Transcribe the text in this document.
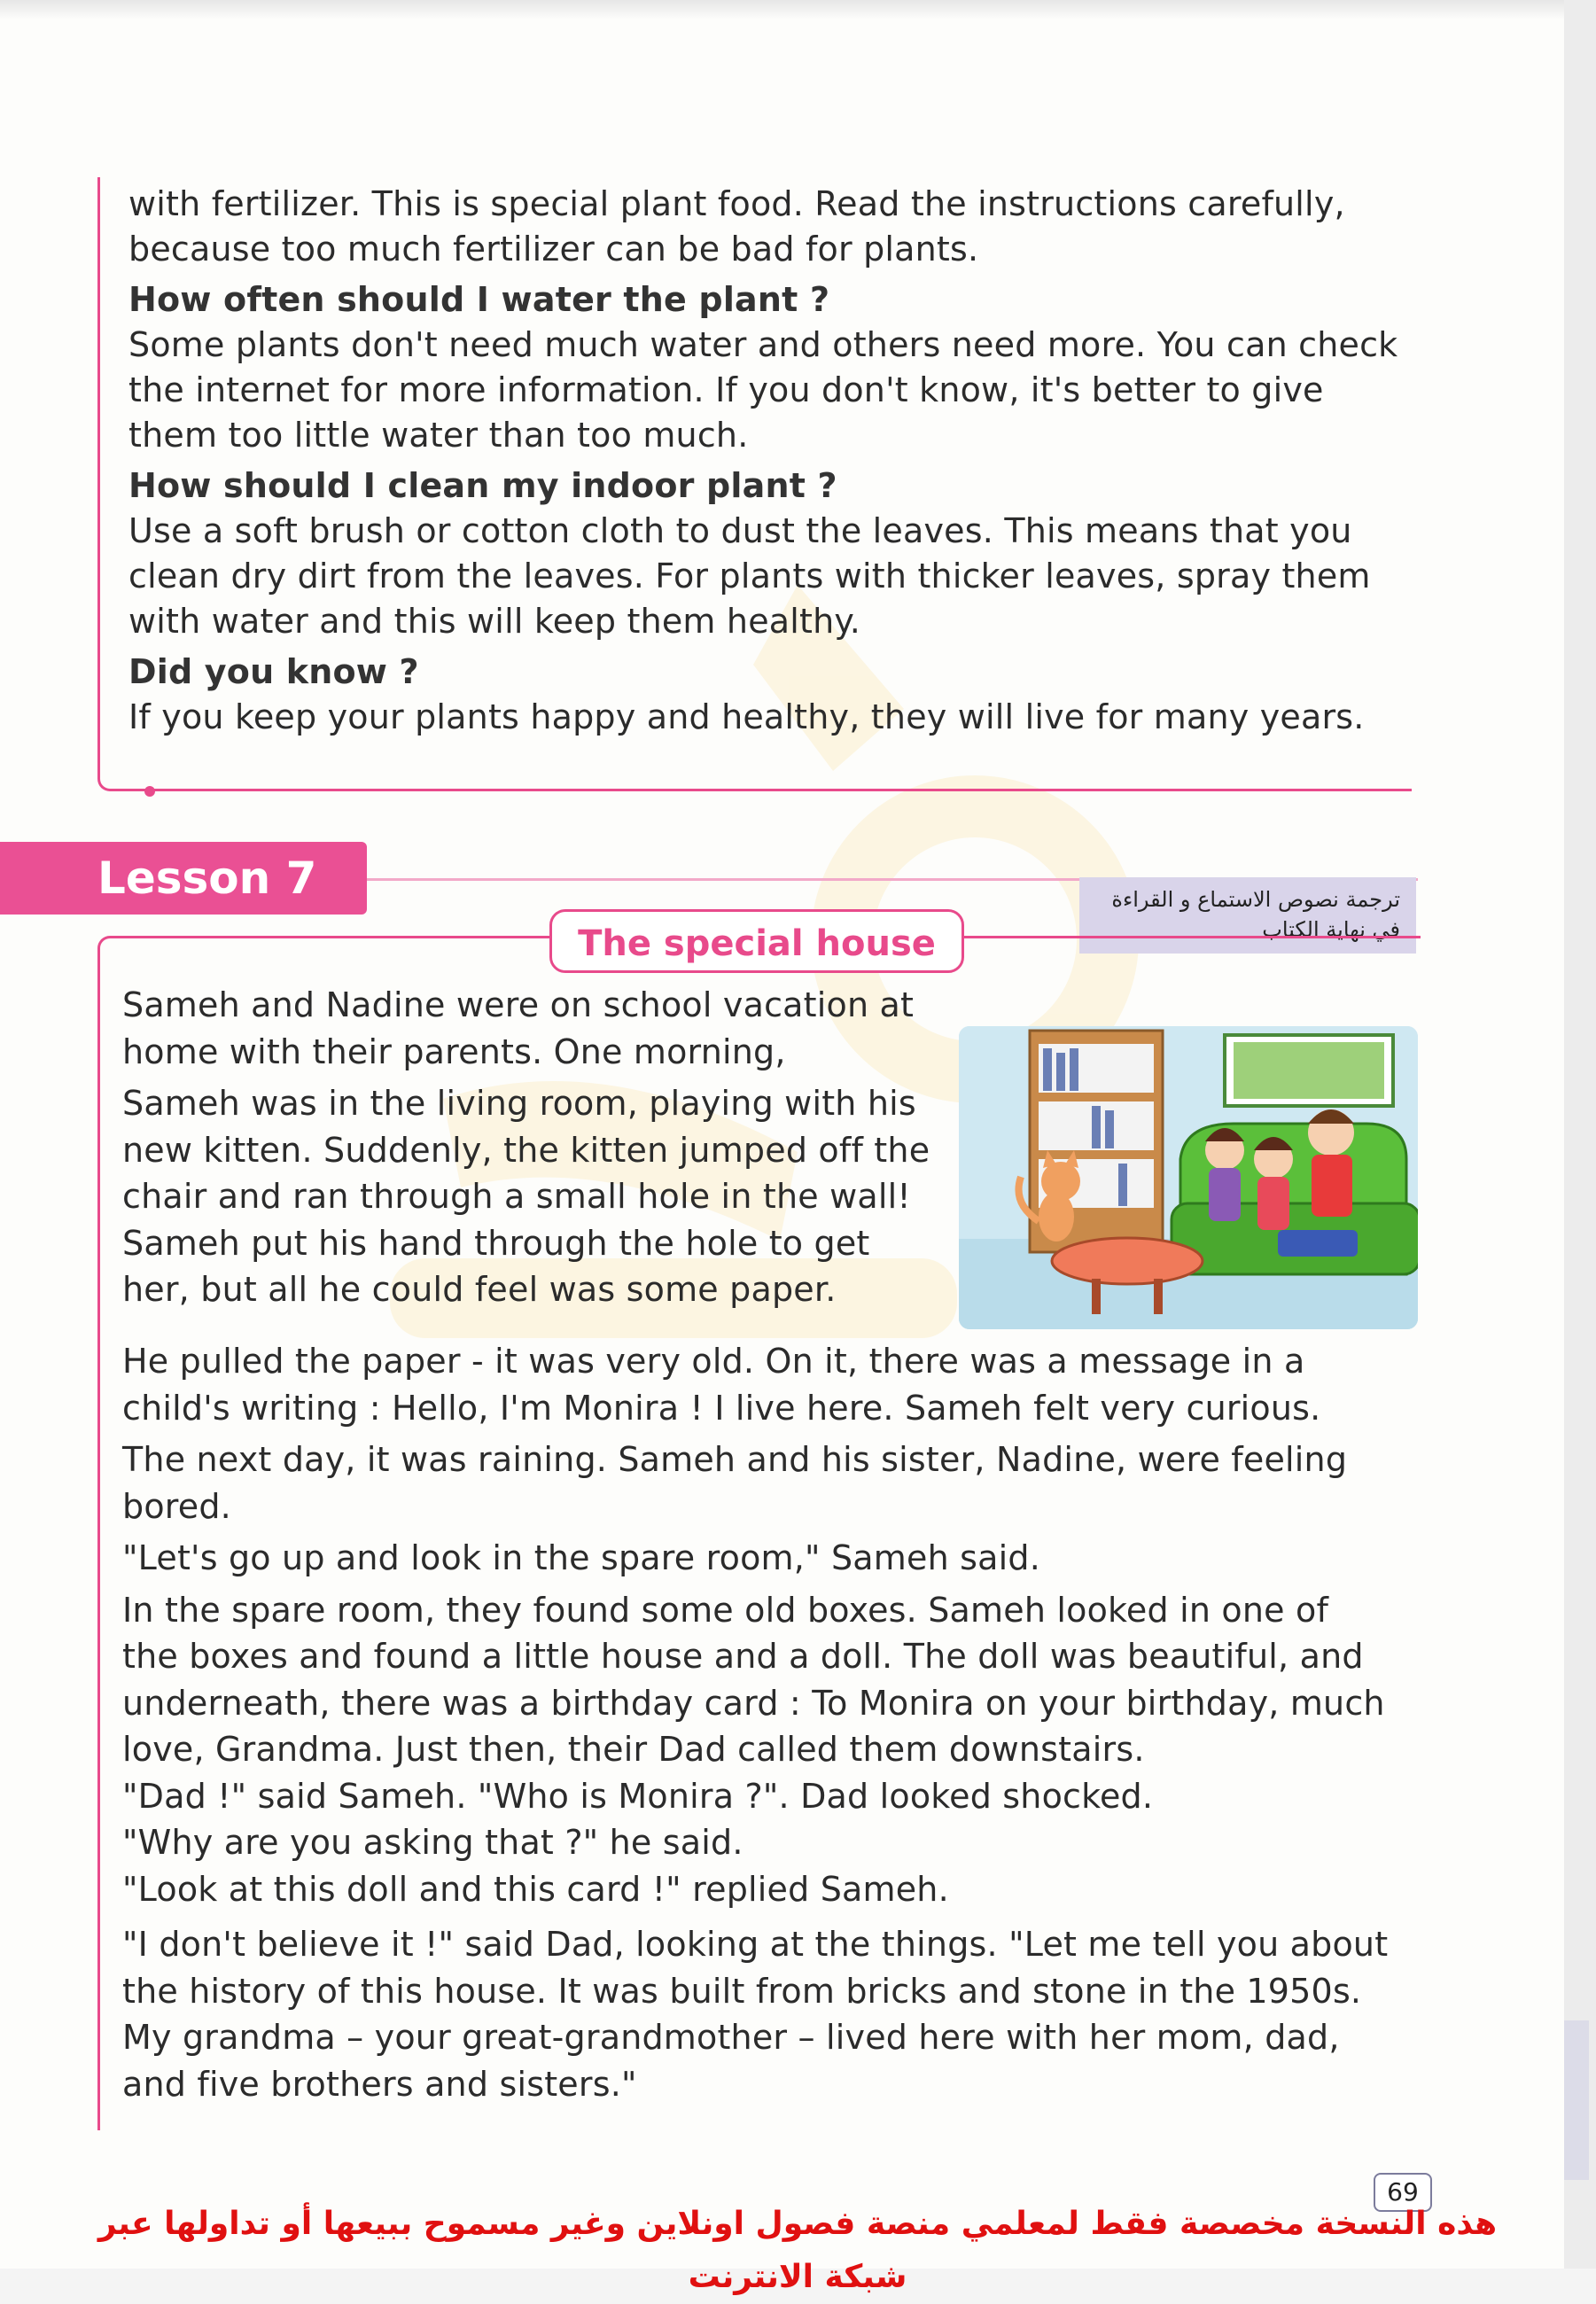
with fertilizer. This is special plant food. Read the instructions carefully,

because too much fertilizer can be bad for plants.

How often should I water the plant ?

Some plants don't need much water and others need more. You can check

the internet for more information. If you don't know, it's better to give

them too little water than too much.

How should I clean my indoor plant ?

Use a soft brush or cotton cloth to dust the leaves. This means that you

clean dry dirt from the leaves. For plants with thicker leaves, spray them

with water and this will keep them healthy.

Did you know ?

If you keep your plants happy and healthy, they will live for many years.

Lesson 7	ترجمة نصوص الاستماع و القراءة
في نهاية الكتاب
The special house

Sameh and Nadine were on school vacation at

home with their parents. One morning,

Sameh was in the living room, playing with his

new kitten. Suddenly, the kitten jumped off the

chair and ran through a small hole in the wall!

Sameh put his hand through the hole to get

her, but all he could feel was some paper.

He pulled the paper - it was very old. On it, there was a message in a

child's writing : Hello, I'm Monira ! I live here. Sameh felt very curious.

The next day, it was raining. Sameh and his sister, Nadine, were feeling

bored.

"Let's go up and look in the spare room," Sameh said.

In the spare room, they found some old boxes. Sameh looked in one of

the boxes and found a little house and a doll. The doll was beautiful, and

underneath, there was a birthday card : To Monira on your birthday, much

love, Grandma. Just then, their Dad called them downstairs.

"Dad !" said Sameh. "Who is Monira ?". Dad looked shocked.

"Why are you asking that ?" he said.

"Look at this doll and this card !" replied Sameh.

"I don't believe it !" said Dad, looking at the things. "Let me tell you about

the history of this house. It was built from bricks and stone in the 1950s.

My grandma – your great-grandmother – lived here with her mom, dad,

and five brothers and sisters."

69
هذه النسخة مخصصة فقط لمعلمي منصة فصول اونلاين وغير مسموح ببيعها أو تداولها عبر شبكة الانترنت
